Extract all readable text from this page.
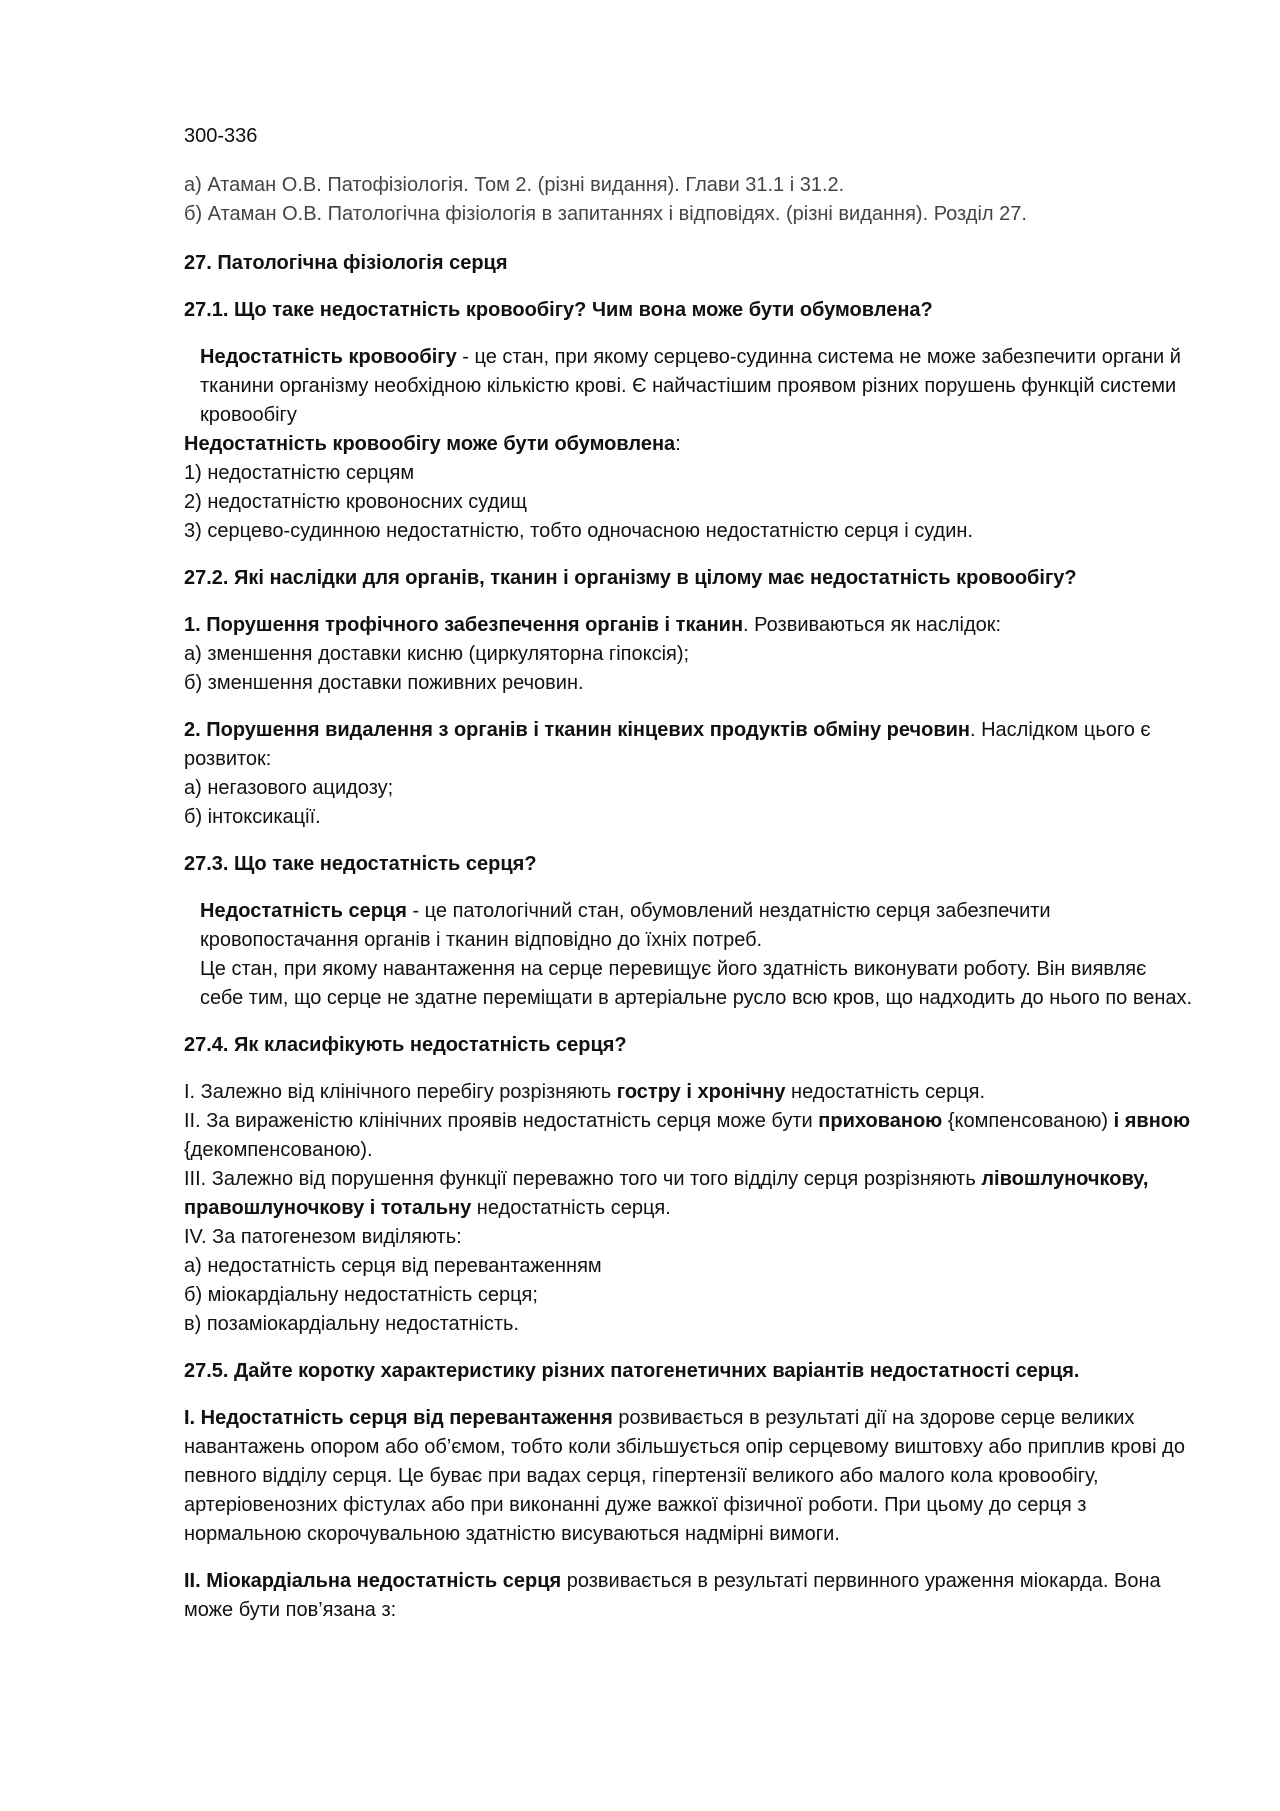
300-336

а) Атаман О.В. Патофізіологія. Том 2. (різні видання). Глави 31.1 і 31.2.

б) Атаман О.В. Патологічна фізіологія в запитаннях і відповідях. (різні видання). Розділ 27.

27. Патологічна фізіологія серця

27.1. Що таке недостатність кровообігу? Чим вона може бути обумовлена?

Недостатність кровообігу - це стан, при якому серцево-судинна система не може забезпечити органи й тканини організму необхідною кількістю крові. Є найчастішим проявом різних порушень функцій системи кровообігу

Недостатність кровообігу може бути обумовлена:

1) недостатністю серцям

2) недостатністю кровоносних судищ

3) серцево-судинною недостатністю, тобто одночасною недостатністю серця і судин.

27.2. Які наслідки для органів, тканин і організму в цілому має недостатність кровообігу?

1. Порушення трофічного забезпечення органів і тканин. Розвиваються як наслідок:

а) зменшення доставки кисню (циркуляторна гіпоксія);

б) зменшення доставки поживних речовин.

2. Порушення видалення з органів і тканин кінцевих продуктів обміну речовин. Наслідком цього є розвиток:

а) негазового ацидозу;

б) інтоксикації.

27.3. Що таке недостатність серця?

Недостатність серця - це патологічний стан, обумовлений нездатністю серця забезпечити кровопостачання органів і тканин відповідно до їхніх потреб.

Це стан, при якому навантаження на серце перевищує його здатність виконувати роботу. Він виявляє себе тим, що серце не здатне переміщати в артеріальне русло всю кров, що надходить до нього по венах.

27.4. Як класифікують недостатність серця?

I. Залежно від клінічного перебігу розрізняють гостру і хронічну недостатність серця.

II. За вираженістю клінічних проявів недостатність серця може бути прихованою {компенсованою) і явною {декомпенсованою).

III. Залежно від порушення функції переважно того чи того відділу серця розрізняють лівошлуночкову, правошлуночкову і тотальну недостатність серця.

IV. За патогенезом виділяють:

а) недостатність серця від перевантаженням

б) міокардіальну недостатність серця;

в) позаміокардіальну недостатність.

27.5. Дайте коротку характеристику різних патогенетичних варіантів недостатності серця.

I. Недостатність серця від перевантаження розвивається в результаті дії на здорове серце великих навантажень опором або об’ємом, тобто коли збільшується опір серцевому виштовху або приплив крові до певного відділу серця. Це буває при вадах серця, гіпертензії великого або малого кола кровообігу, артеріовенозних фістулах або при виконанні дуже важкої фізичної роботи. При цьому до серця з нормальною скорочувальною здатністю висуваються надмірні вимоги.

II. Міокардіальна недостатність серця розвивається в результаті первинного ураження міокарда. Вона може бути пов’язана з:
